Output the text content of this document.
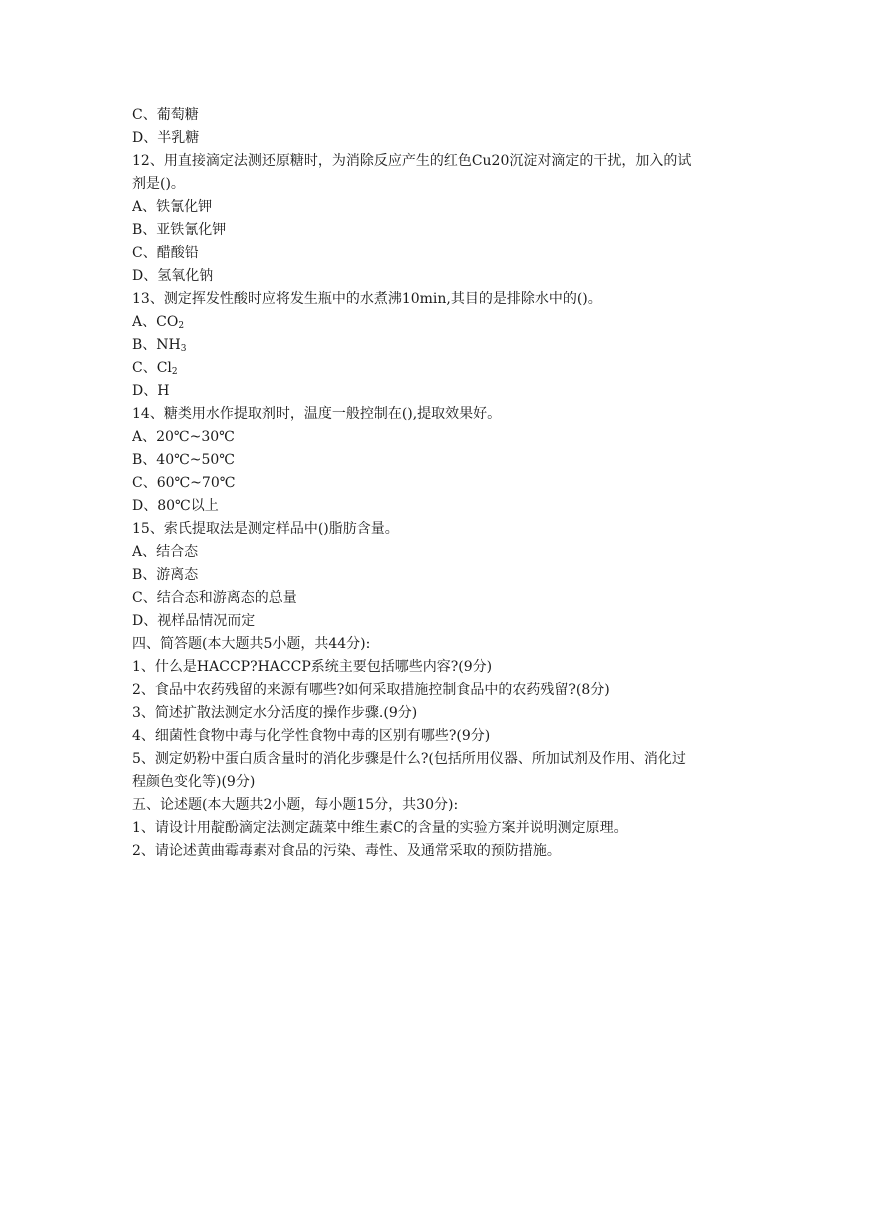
C、葡萄糖
D、半乳糖
12、用直接滴定法测还原糖时，为消除反应产生的红色Cu20沉淀对滴定的干扰，加入的试
剂是()。
A、铁氰化钾
B、亚铁氰化钾
C、醋酸铅
D、氢氧化钠
13、测定挥发性酸时应将发生瓶中的水煮沸10min,其目的是排除水中的()。
A、CO2
B、NH3
C、Cl2
D、H
14、糖类用水作提取剂时，温度一般控制在(),提取效果好。
A、20℃~30℃
B、40℃~50℃
C、60℃~70℃
D、80℃以上
15、索氏提取法是测定样品中()脂肪含量。
A、结合态
B、游离态
C、结合态和游离态的总量
D、视样品情况而定
四、简答题(本大题共5小题，共44分):
1、什么是HACCP?HACCP系统主要包括哪些内容?(9分)
2、食品中农药残留的来源有哪些?如何采取措施控制食品中的农药残留?(8分)
3、简述扩散法测定水分活度的操作步骤.(9分)
4、细菌性食物中毒与化学性食物中毒的区别有哪些?(9分)
5、测定奶粉中蛋白质含量时的消化步骤是什么?(包括所用仪器、所加试剂及作用、消化过
程颜色变化等)(9分)
五、论述题(本大题共2小题，每小题15分，共30分):
1、请设计用靛酚滴定法测定蔬菜中维生素C的含量的实验方案并说明测定原理。
2、请论述黄曲霉毒素对食品的污染、毒性、及通常采取的预防措施。
